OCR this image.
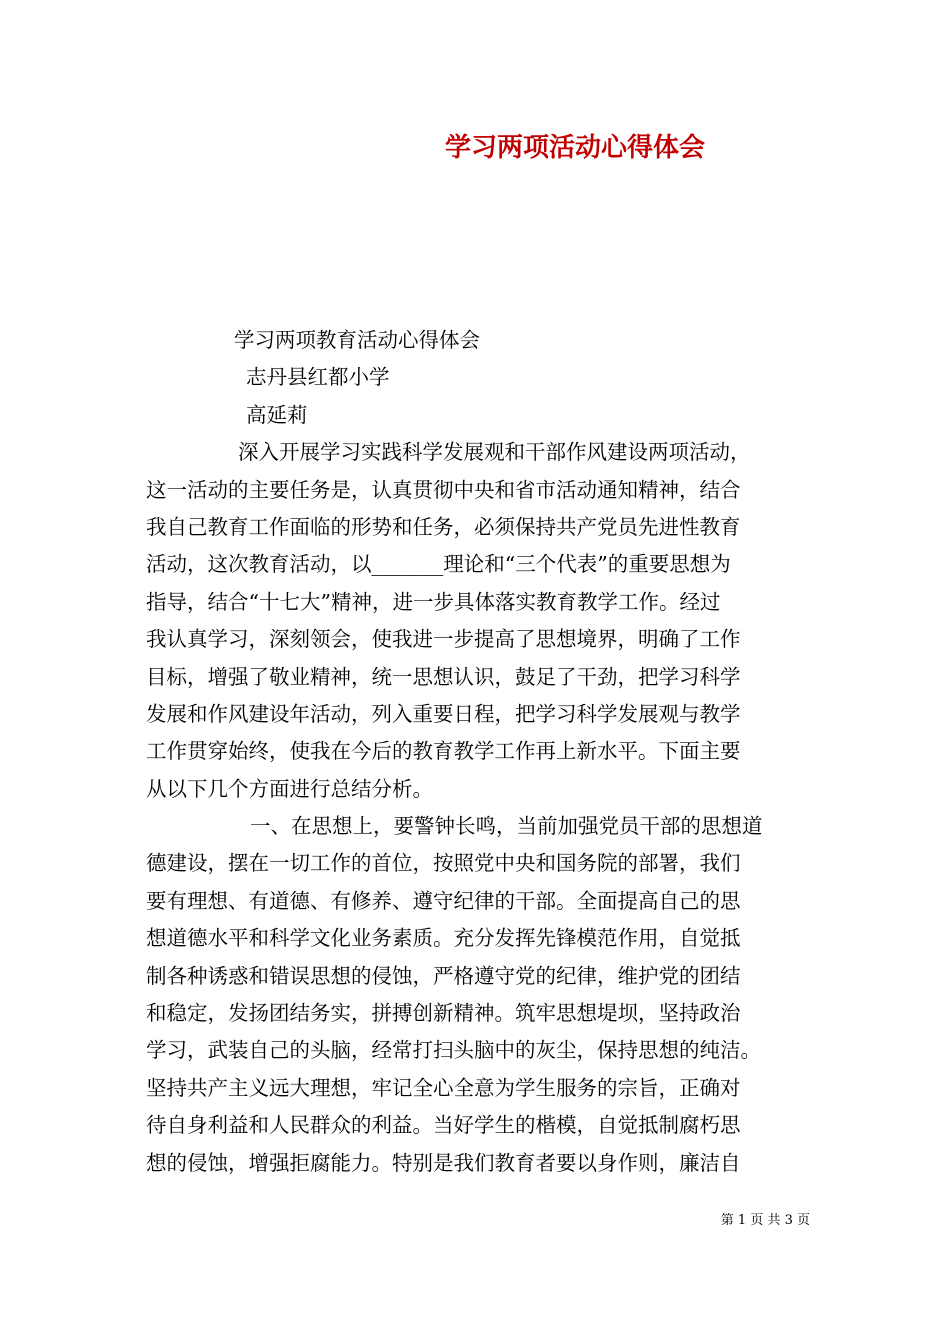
学习两项活动心得体会
学习两项教育活动心得体会
志丹县红都小学
高延莉
深入开展学习实践科学发展观和干部作风建设两项活动，
这一活动的主要任务是，认真贯彻中央和省市活动通知精神，结合
我自己教育工作面临的形势和任务，必须保持共产党员先进性教育
活动，这次教育活动，以_______理论和“三个代表”的重要思想为
指导，结合“十七大”精神，进一步具体落实教育教学工作。经过
我认真学习，深刻领会，使我进一步提高了思想境界，明确了工作
目标，增强了敬业精神，统一思想认识，鼓足了干劲，把学习科学
发展和作风建设年活动，列入重要日程，把学习科学发展观与教学
工作贯穿始终，使我在今后的教育教学工作再上新水平。下面主要
从以下几个方面进行总结分析。
一、在思想上，要警钟长鸣，当前加强党员干部的思想道
德建设，摆在一切工作的首位，按照党中央和国务院的部署，我们
要有理想、有道德、有修养、遵守纪律的干部。全面提高自己的思
想道德水平和科学文化业务素质。充分发挥先锋模范作用，自觉抵
制各种诱惑和错误思想的侵蚀，严格遵守党的纪律，维护党的团结
和稳定，发扬团结务实，拼搏创新精神。筑牢思想堤坝，坚持政治
学习，武装自己的头脑，经常打扫头脑中的灰尘，保持思想的纯洁。
坚持共产主义远大理想，牢记全心全意为学生服务的宗旨，正确对
待自身利益和人民群众的利益。当好学生的楷模，自觉抵制腐朽思
想的侵蚀，增强拒腐能力。特别是我们教育者要以身作则，廉洁自
第 1 页 共 3 页
